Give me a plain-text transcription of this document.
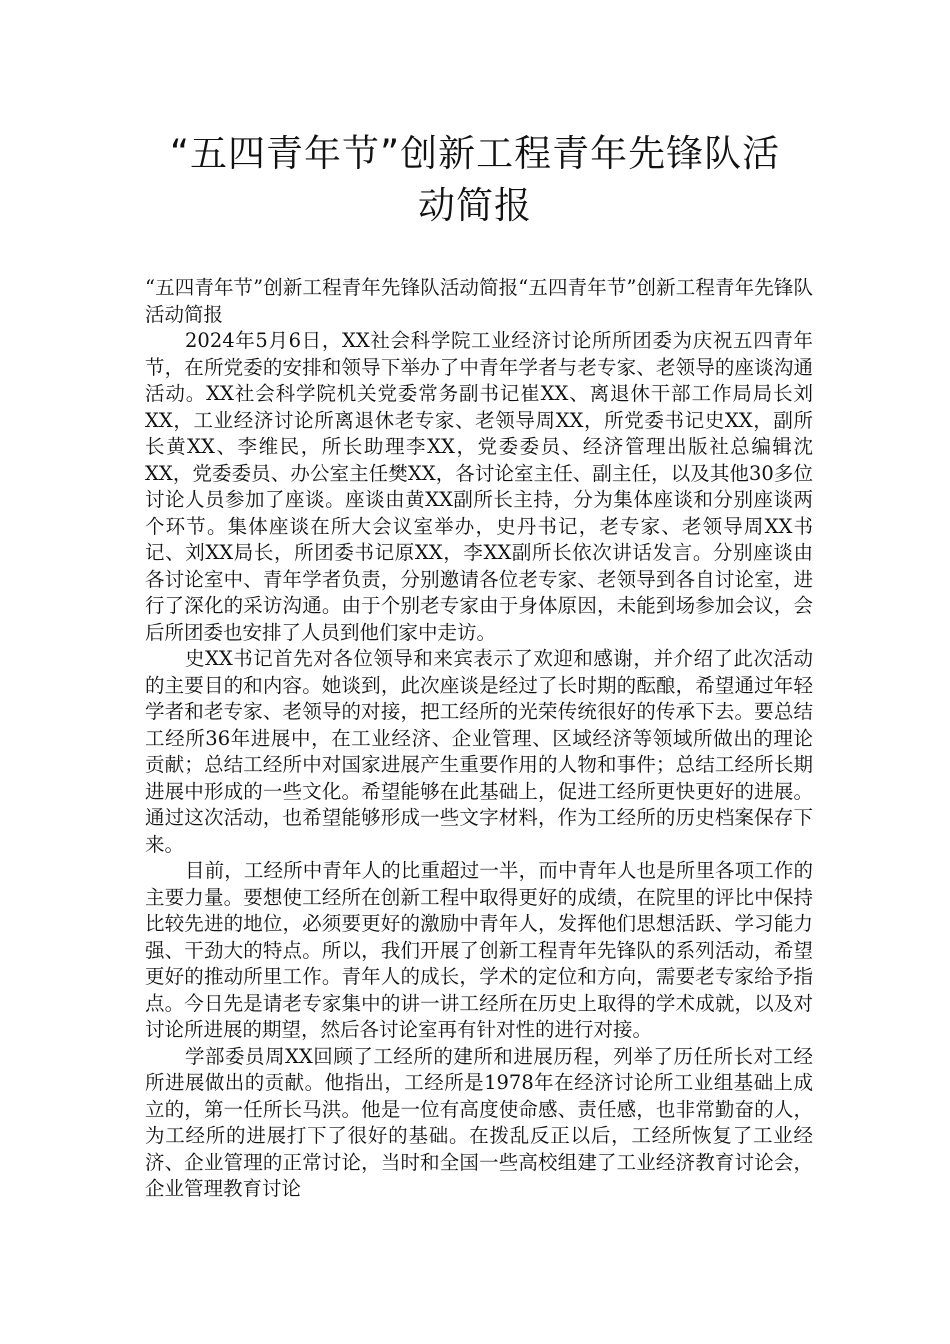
“五四青年节”创新工程青年先锋队活
动简报

“五四青年节”创新工程青年先锋队活动简报“五四青年节”创新工程青年先锋队活动简报

2024年5月6日，XX社会科学院工业经济讨论所所团委为庆祝五四青年节，在所党委的安排和领导下举办了中青年学者与老专家、老领导的座谈沟通活动。XX社会科学院机关党委常务副书记崔XX、离退休干部工作局局长刘XX，工业经济讨论所离退休老专家、老领导周XX，所党委书记史XX，副所长黄XX、李维民，所长助理李XX，党委委员、经济管理出版社总编辑沈XX，党委委员、办公室主任樊XX，各讨论室主任、副主任，以及其他30多位讨论人员参加了座谈。座谈由黄XX副所长主持，分为集体座谈和分别座谈两个环节。集体座谈在所大会议室举办，史丹书记，老专家、老领导周XX书记、刘XX局长，所团委书记原XX，李XX副所长依次讲话发言。分别座谈由各讨论室中、青年学者负责，分别邀请各位老专家、老领导到各自讨论室，进行了深化的采访沟通。由于个别老专家由于身体原因，未能到场参加会议，会后所团委也安排了人员到他们家中走访。

史XX书记首先对各位领导和来宾表示了欢迎和感谢，并介绍了此次活动的主要目的和内容。她谈到，此次座谈是经过了长时期的酝酿，希望通过年轻学者和老专家、老领导的对接，把工经所的光荣传统很好的传承下去。要总结工经所36年进展中，在工业经济、企业管理、区域经济等领域所做出的理论贡献；总结工经所中对国家进展产生重要作用的人物和事件；总结工经所长期进展中形成的一些文化。希望能够在此基础上，促进工经所更快更好的进展。通过这次活动，也希望能够形成一些文字材料，作为工经所的历史档案保存下来。

目前，工经所中青年人的比重超过一半，而中青年人也是所里各项工作的主要力量。要想使工经所在创新工程中取得更好的成绩，在院里的评比中保持比较先进的地位，必须要更好的激励中青年人，发挥他们思想活跃、学习能力强、干劲大的特点。所以，我们开展了创新工程青年先锋队的系列活动，希望更好的推动所里工作。青年人的成长，学术的定位和方向，需要老专家给予指点。今日先是请老专家集中的讲一讲工经所在历史上取得的学术成就，以及对讨论所进展的期望，然后各讨论室再有针对性的进行对接。

学部委员周XX回顾了工经所的建所和进展历程，列举了历任所长对工经所进展做出的贡献。他指出，工经所是1978年在经济讨论所工业组基础上成立的，第一任所长马洪。他是一位有高度使命感、责任感，也非常勤奋的人，为工经所的进展打下了很好的基础。在拨乱反正以后，工经所恢复了工业经济、企业管理的正常讨论，当时和全国一些高校组建了工业经济教育讨论会，企业管理教育讨论
